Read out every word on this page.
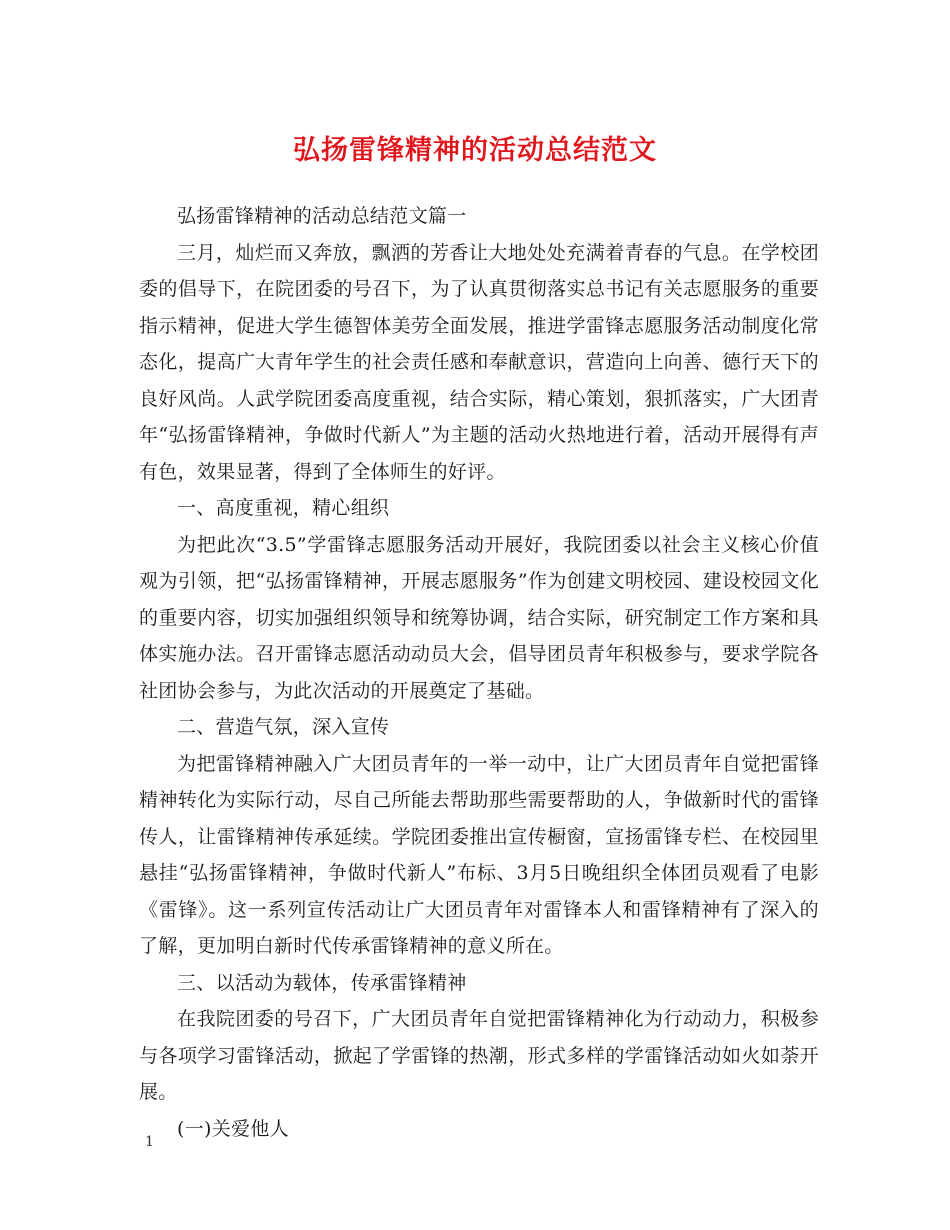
弘扬雷锋精神的活动总结范文

弘扬雷锋精神的活动总结范文篇一

三月，灿烂而又奔放，飘洒的芳香让大地处处充满着青春的气息。在学校团委的倡导下，在院团委的号召下，为了认真贯彻落实总书记有关志愿服务的重要指示精神，促进大学生德智体美劳全面发展，推进学雷锋志愿服务活动制度化常态化，提高广大青年学生的社会责任感和奉献意识，营造向上向善、德行天下的良好风尚。人武学院团委高度重视，结合实际，精心策划，狠抓落实，广大团青年“弘扬雷锋精神，争做时代新人”为主题的活动火热地进行着，活动开展得有声有色，效果显著，得到了全体师生的好评。

一、高度重视，精心组织

为把此次“3.5”学雷锋志愿服务活动开展好，我院团委以社会主义核心价值观为引领，把“弘扬雷锋精神，开展志愿服务”作为创建文明校园、建设校园文化的重要内容，切实加强组织领导和统筹协调，结合实际，研究制定工作方案和具体实施办法。召开雷锋志愿活动动员大会，倡导团员青年积极参与，要求学院各社团协会参与，为此次活动的开展奠定了基础。

二、营造气氛，深入宣传

为把雷锋精神融入广大团员青年的一举一动中，让广大团员青年自觉把雷锋精神转化为实际行动，尽自己所能去帮助那些需要帮助的人，争做新时代的雷锋传人，让雷锋精神传承延续。学院团委推出宣传橱窗，宣扬雷锋专栏、在校园里悬挂“弘扬雷锋精神，争做时代新人”布标、3月5日晚组织全体团员观看了电影《雷锋》。这一系列宣传活动让广大团员青年对雷锋本人和雷锋精神有了深入的了解，更加明白新时代传承雷锋精神的意义所在。

三、以活动为载体，传承雷锋精神

在我院团委的号召下，广大团员青年自觉把雷锋精神化为行动动力，积极参与各项学习雷锋活动，掀起了学雷锋的热潮，形式多样的学雷锋活动如火如荼开展。

(一)关爱他人

1
